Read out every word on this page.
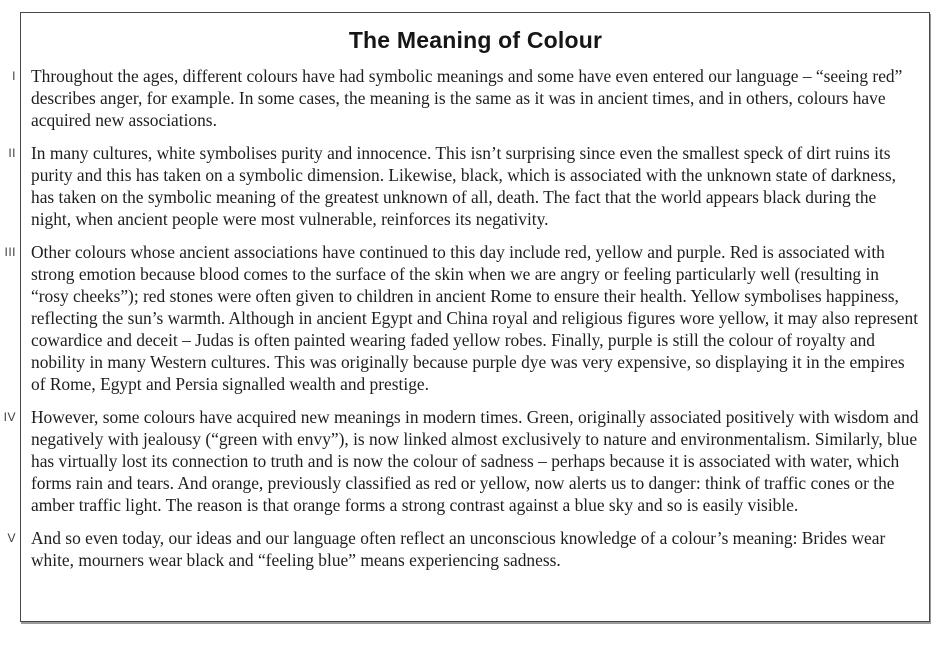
The Meaning of Colour
I Throughout the ages, different colours have had symbolic meanings and some have even entered our language – “seeing red” describes anger, for example. In some cases, the meaning is the same as it was in ancient times, and in others, colours have acquired new associations.
II In many cultures, white symbolises purity and innocence. This isn’t surprising since even the smallest speck of dirt ruins its purity and this has taken on a symbolic dimension. Likewise, black, which is associated with the unknown state of darkness, has taken on the symbolic meaning of the greatest unknown of all, death. The fact that the world appears black during the night, when ancient people were most vulnerable, reinforces its negativity.
III Other colours whose ancient associations have continued to this day include red, yellow and purple. Red is associated with strong emotion because blood comes to the surface of the skin when we are angry or feeling particularly well (resulting in “rosy cheeks”); red stones were often given to children in ancient Rome to ensure their health. Yellow symbolises happiness, reflecting the sun’s warmth. Although in ancient Egypt and China royal and religious figures wore yellow, it may also represent cowardice and deceit – Judas is often painted wearing faded yellow robes. Finally, purple is still the colour of royalty and nobility in many Western cultures. This was originally because purple dye was very expensive, so displaying it in the empires of Rome, Egypt and Persia signalled wealth and prestige.
IV However, some colours have acquired new meanings in modern times. Green, originally associated positively with wisdom and negatively with jealousy (“green with envy”), is now linked almost exclusively to nature and environmentalism. Similarly, blue has virtually lost its connection to truth and is now the colour of sadness – perhaps because it is associated with water, which forms rain and tears. And orange, previously classified as red or yellow, now alerts us to danger: think of traffic cones or the amber traffic light. The reason is that orange forms a strong contrast against a blue sky and so is easily visible.
V And so even today, our ideas and our language often reflect an unconscious knowledge of a colour’s meaning: Brides wear white, mourners wear black and “feeling blue” means experiencing sadness.
